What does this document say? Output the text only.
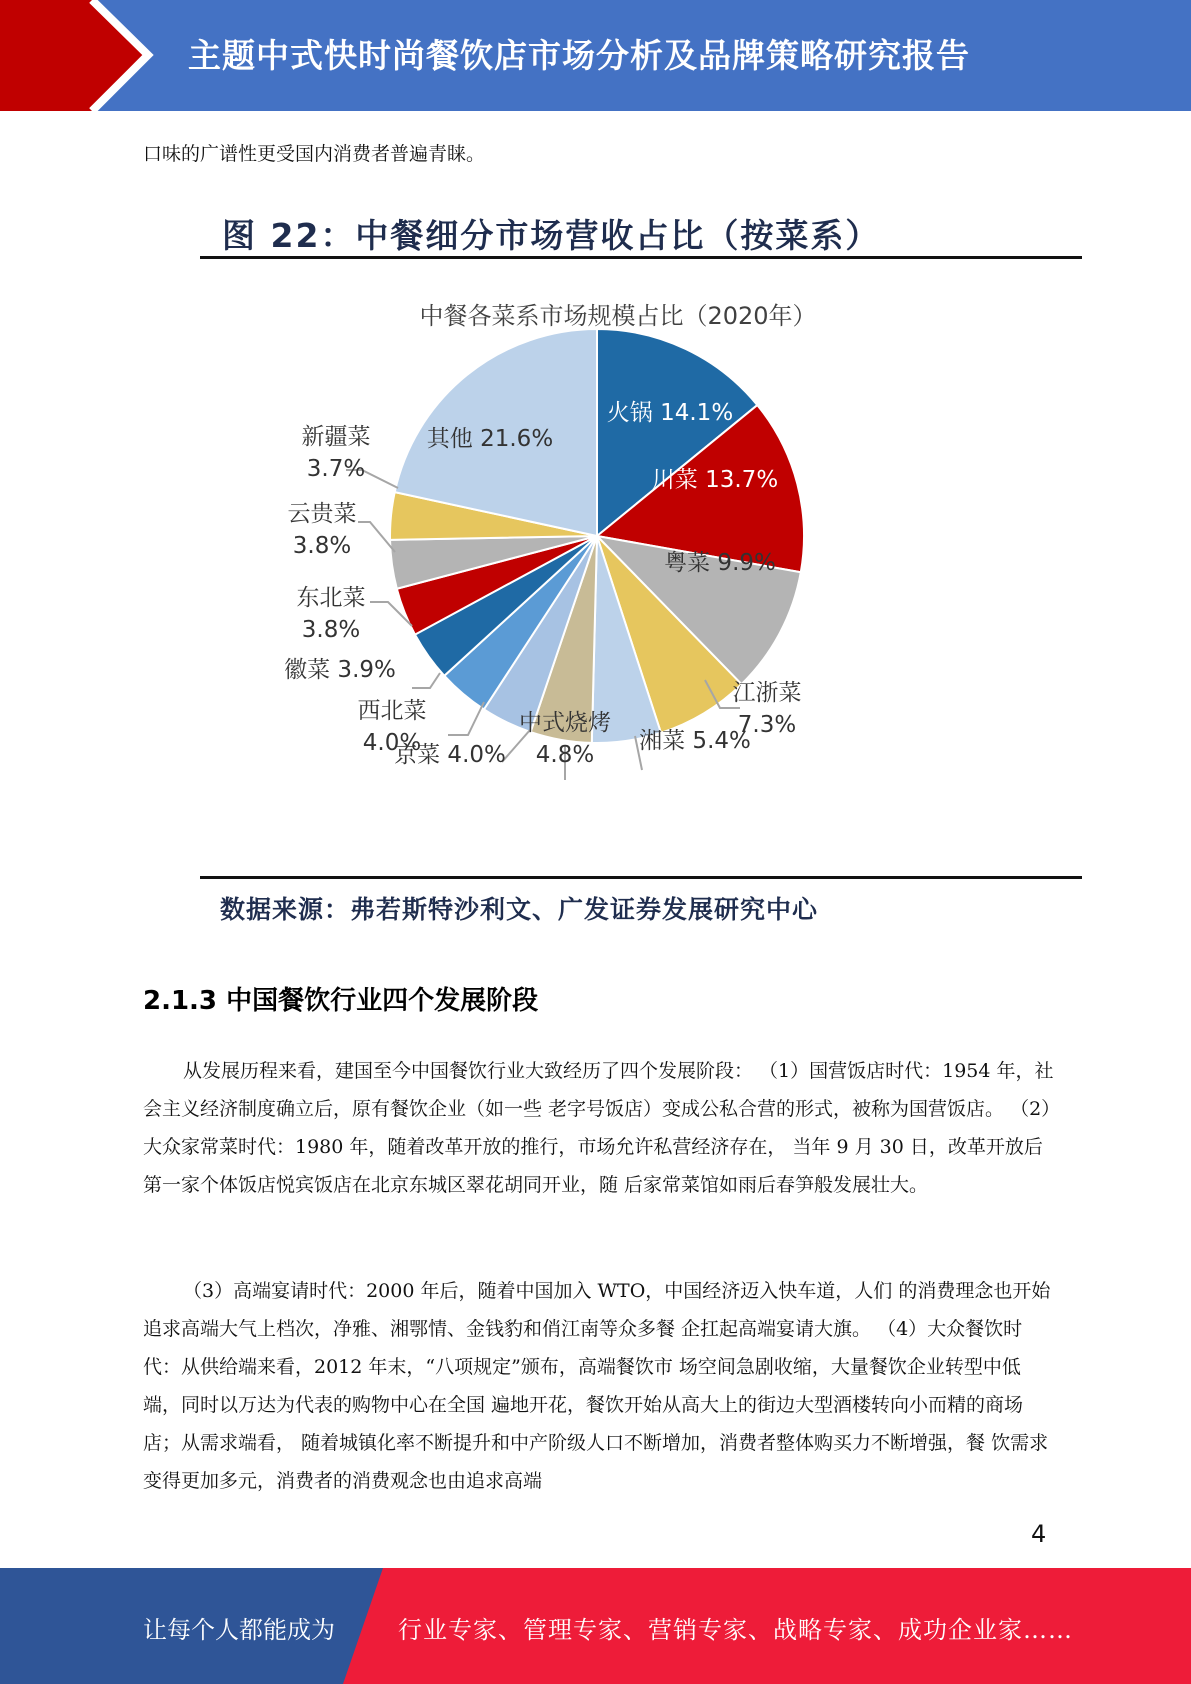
主题中式快时尚餐饮店市场分析及品牌策略研究报告

口味的广谱性更受国内消费者普遍青睐。

图 22：中餐细分市场营收占比（按菜系）
中餐各菜系市场规模占比（2020年）
火锅 14.1%
川菜 13.7%
粤菜 9.9%
江浙菜 7.3%
湘菜 5.4%
中式烧烤 4.8%
京菜 4.0%
西北菜 4.0%
徽菜 3.9%
东北菜 3.8%
云贵菜 3.8%
新疆菜 3.7%
其他 21.6%
数据来源：弗若斯特沙利文、广发证券发展研究中心
2.1.3 中国餐饮行业四个发展阶段

从发展历程来看，建国至今中国餐饮行业大致经历了四个发展阶段： （1）国营饭店时代：1954 年，社会主义经济制度确立后，原有餐饮企业（如一些 老字号饭店）变成公私合营的形式，被称为国营饭店。 （2）大众家常菜时代：1980 年，随着改革开放的推行，市场允许私营经济存在， 当年 9 月 30 日，改革开放后第一家个体饭店悦宾饭店在北京东城区翠花胡同开业，随 后家常菜馆如雨后春笋般发展壮大。

（3）高端宴请时代：2000 年后，随着中国加入 WTO，中国经济迈入快车道，人们 的消费理念也开始追求高端大气上档次，净雅、湘鄂情、金钱豹和俏江南等众多餐 企扛起高端宴请大旗。 （4）大众餐饮时代：从供给端来看，2012 年末，“八项规定”颁布，高端餐饮市 场空间急剧收缩，大量餐饮企业转型中低端，同时以万达为代表的购物中心在全国 遍地开花，餐饮开始从高大上的街边大型酒楼转向小而精的商场店；从需求端看， 随着城镇化率不断提升和中产阶级人口不断增加，消费者整体购买力不断增强，餐 饮需求变得更加多元，消费者的消费观念也由追求高端

4
让每个人都能成为	行业专家、管理专家、营销专家、战略专家、成功企业家……
